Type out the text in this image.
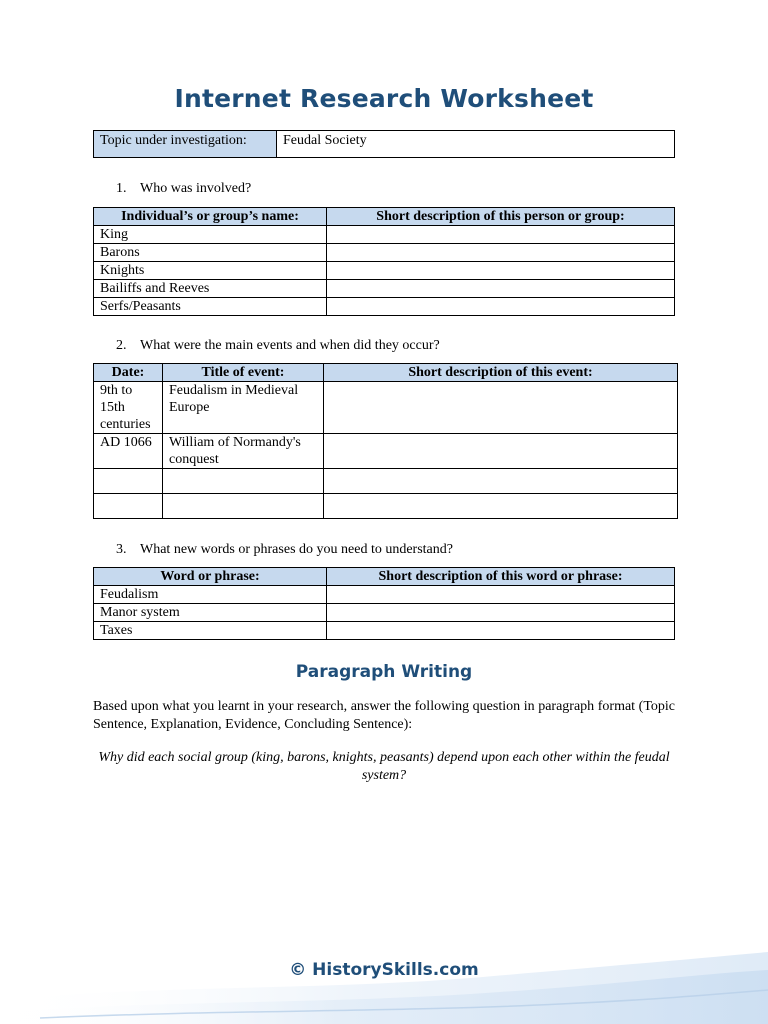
Internet Research Worksheet
Topic under investigation:	Feudal Society
1. Who was involved?
Individual’s or group’s name:	Short description of this person or group:
King	
Barons	
Knights	
Bailiffs and Reeves	
Serfs/Peasants	
2. What were the main events and when did they occur?
Date:	Title of event:	Short description of this event:
9th to 15th centuries	Feudalism in Medieval Europe	
AD 1066	William of Normandy's conquest	

3. What new words or phrases do you need to understand?
Word or phrase:	Short description of this word or phrase:
Feudalism	
Manor system	
Taxes	
Paragraph Writing
Based upon what you learnt in your research, answer the following question in paragraph format (Topic Sentence, Explanation, Evidence, Concluding Sentence):
Why did each social group (king, barons, knights, peasants) depend upon each other within the feudal system?
© HistorySkills.com
